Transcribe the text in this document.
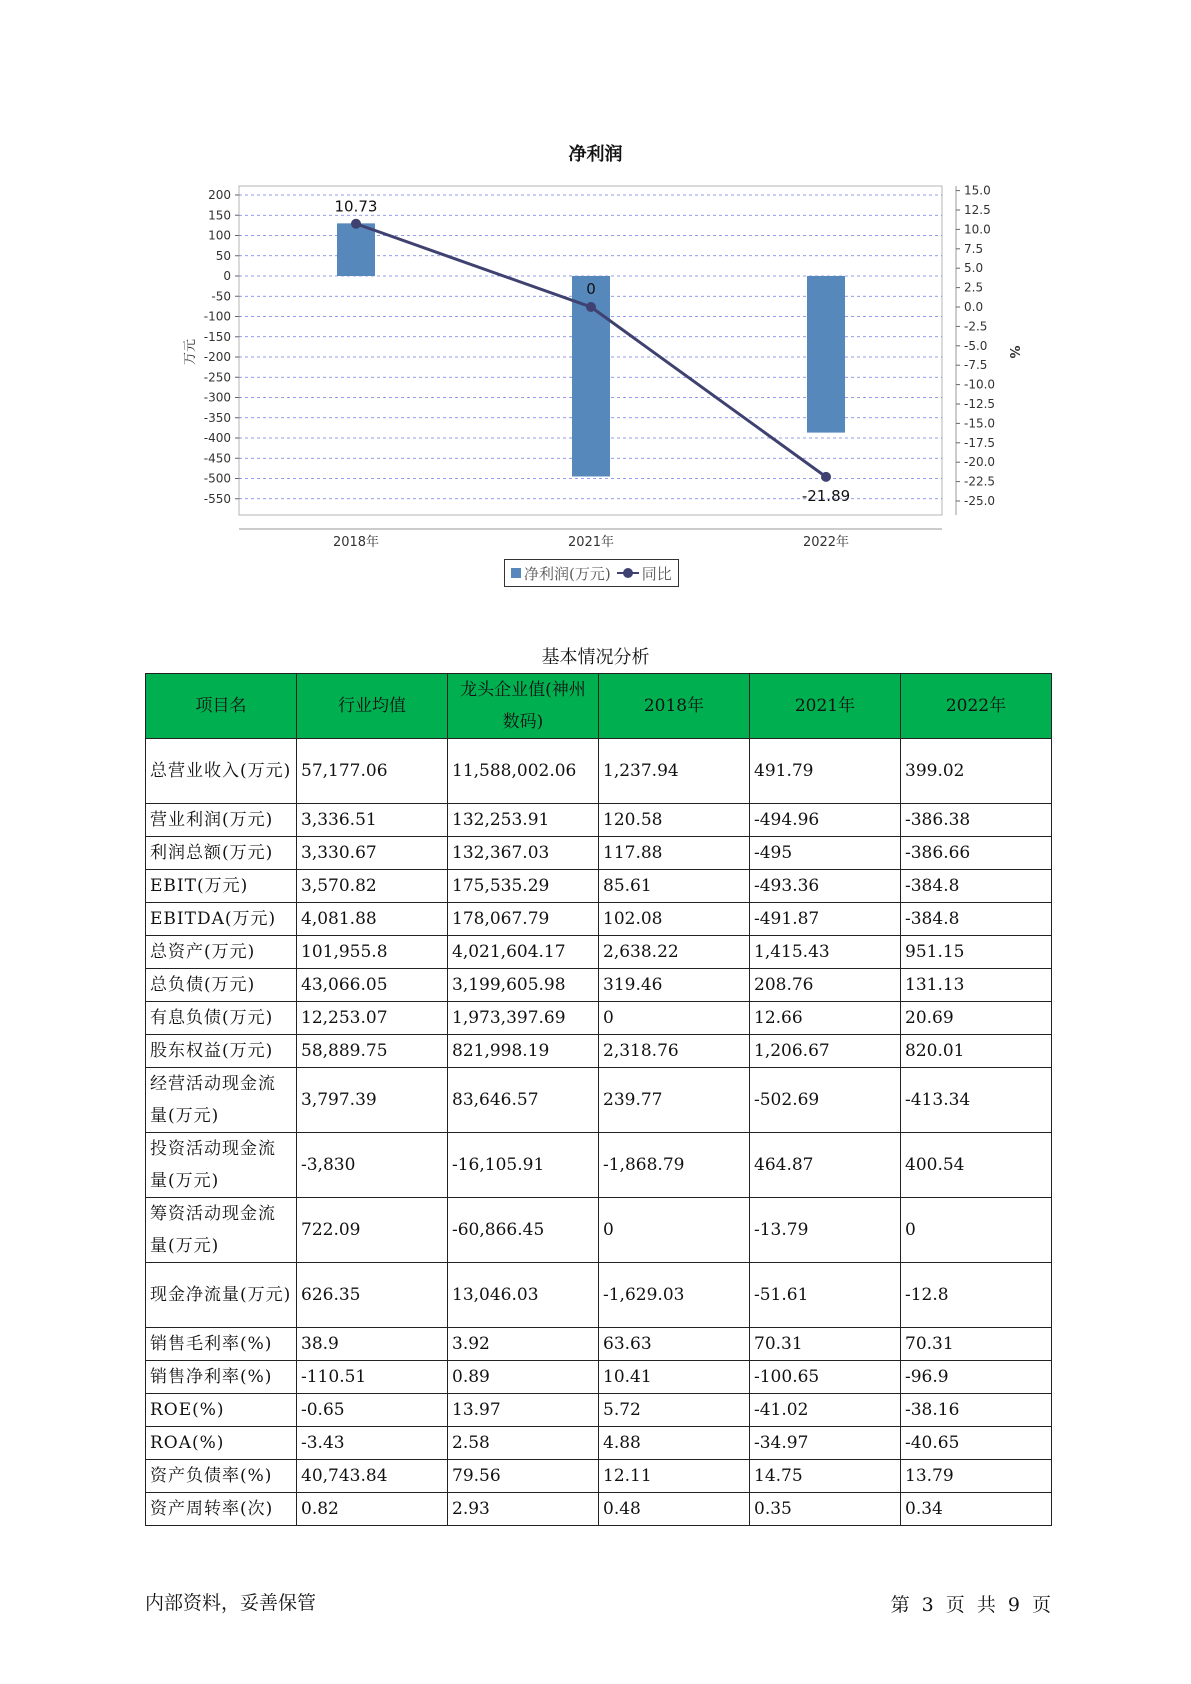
净利润
200
150
100
50
0
-50
-100
-150
-200
-250
-300
-350
-400
-450
-500
-550
15.0
12.5
10.0
7.5
5.0
2.5
0.0
-2.5
-5.0
-7.5
-10.0
-12.5
-15.0
-17.5
-20.0
-22.5
-25.0
万元	%
2018年	2021年	2022年
10.73
0
-21.89
净利润(万元) 同比
基本情况分析
项目名	行业均值	龙头企业值(神州数码)	2018年	2021年	2022年
总营业收入(万元)	57,177.06	11,588,002.06	1,237.94	491.79	399.02
营业利润(万元)	3,336.51	132,253.91	120.58	-494.96	-386.38
利润总额(万元)	3,330.67	132,367.03	117.88	-495	-386.66
EBIT(万元)	3,570.82	175,535.29	85.61	-493.36	-384.8
EBITDA(万元)	4,081.88	178,067.79	102.08	-491.87	-384.8
总资产(万元)	101,955.8	4,021,604.17	2,638.22	1,415.43	951.15
总负债(万元)	43,066.05	3,199,605.98	319.46	208.76	131.13
有息负债(万元)	12,253.07	1,973,397.69	0	12.66	20.69
股东权益(万元)	58,889.75	821,998.19	2,318.76	1,206.67	820.01
经营活动现金流量(万元)	3,797.39	83,646.57	239.77	-502.69	-413.34
投资活动现金流量(万元)	-3,830	-16,105.91	-1,868.79	464.87	400.54
筹资活动现金流量(万元)	722.09	-60,866.45	0	-13.79	0
现金净流量(万元)	626.35	13,046.03	-1,629.03	-51.61	-12.8
销售毛利率(%)	38.9	3.92	63.63	70.31	70.31
销售净利率(%)	-110.51	0.89	10.41	-100.65	-96.9
ROE(%)	-0.65	13.97	5.72	-41.02	-38.16
ROA(%)	-3.43	2.58	4.88	-34.97	-40.65
资产负债率(%)	40,743.84	79.56	12.11	14.75	13.79
资产周转率(次)	0.82	2.93	0.48	0.35	0.34
内部资料，妥善保管	第 3 页 共 9 页
